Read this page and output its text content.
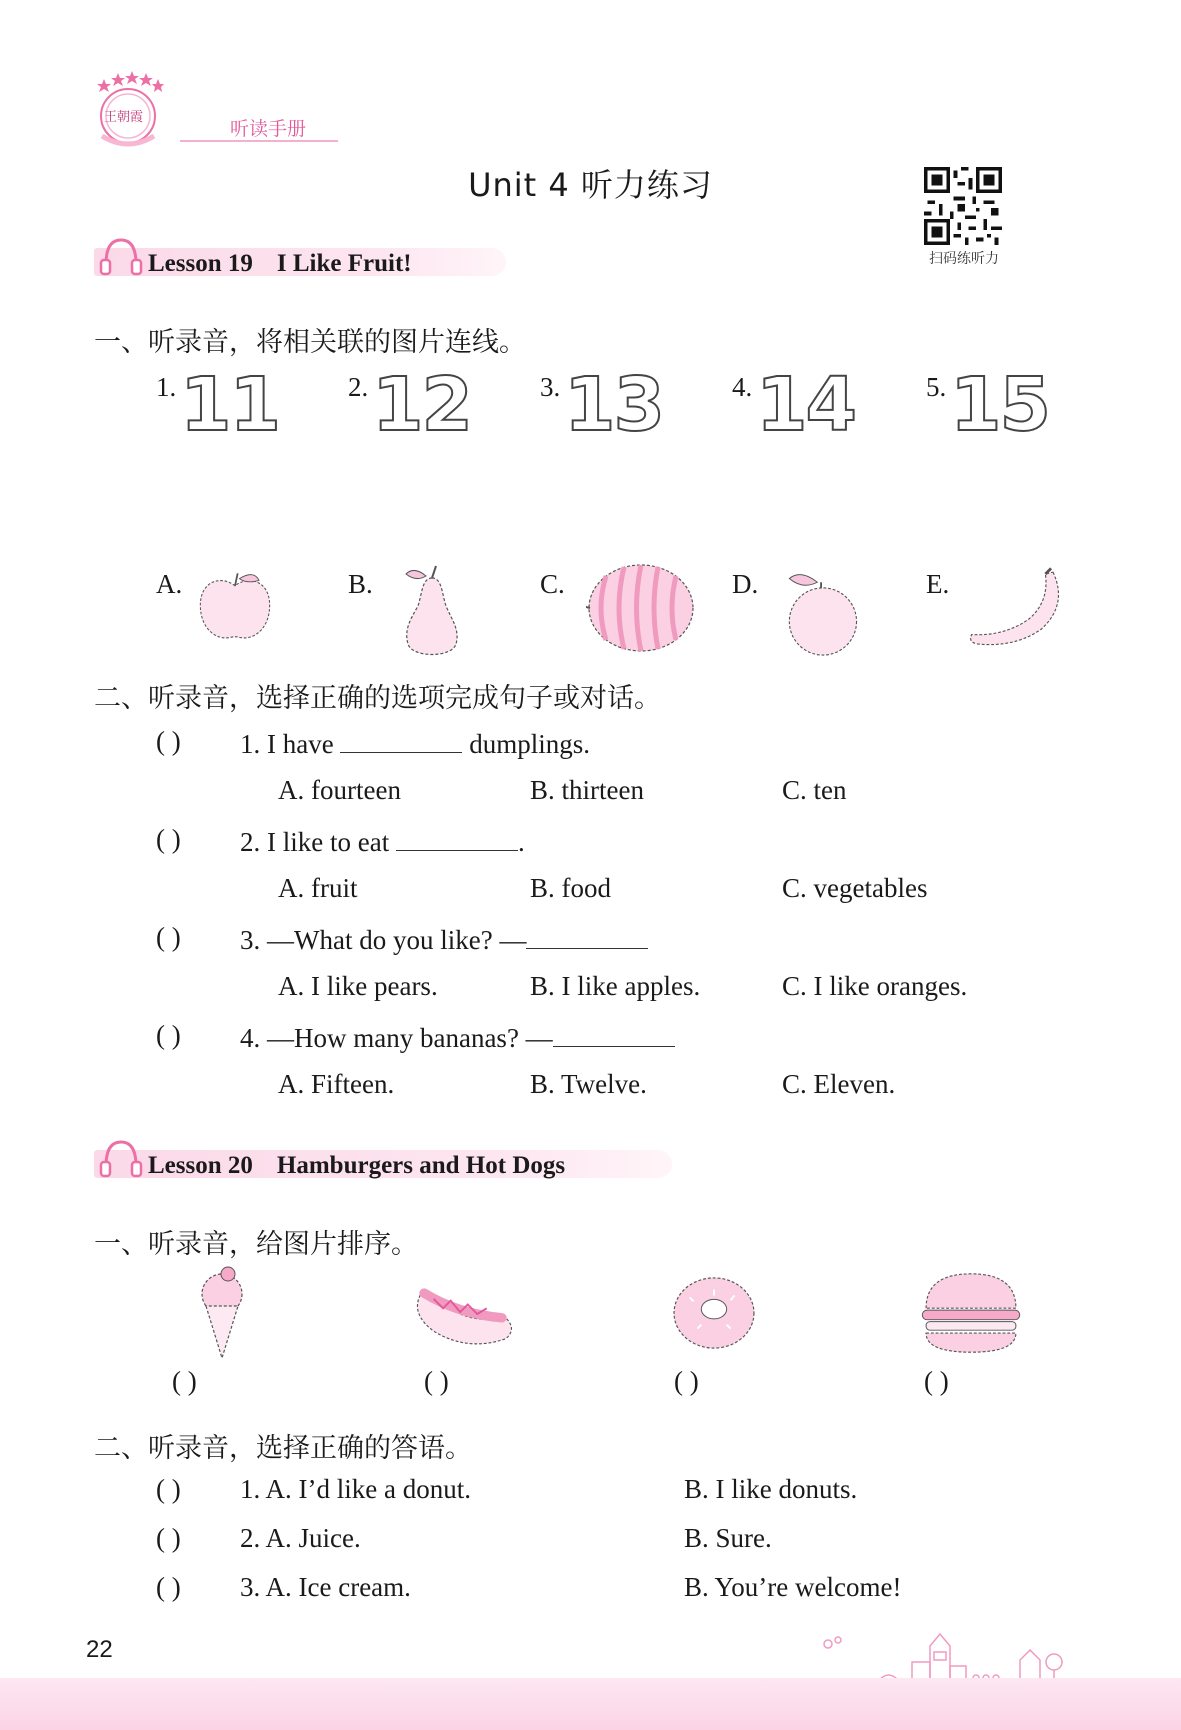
王朝霞
听读手册
Unit 4 听力练习
扫码练听力
Lesson 19 I Like Fruit!
一、听录音，将相关联的图片连线。
1. 11	2. 12	3. 13	4. 14	5. 15
A.	B.	C.	D.	E.
二、听录音，选择正确的选项完成句子或对话。
( ) 1. I have	dumplings.
A. fourteen	B. thirteen	C. ten
( ) 2. I like to eat	.
A. fruit	B. food	C. vegetables
( ) 3. —What do you like? —
A. I like pears.	B. I like apples.	C. I like oranges.
( ) 4. —How many bananas? —
A. Fifteen.	B. Twelve.	C. Eleven.
Lesson 20 Hamburgers and Hot Dogs
一、听录音，给图片排序。
( )	( )	( )	( )
二、听录音，选择正确的答语。
( ) 1. A. I’d like a donut.	B. I like donuts.
( ) 2. A. Juice.	B. Sure.
( ) 3. A. Ice cream.	B. You’re welcome!
22
